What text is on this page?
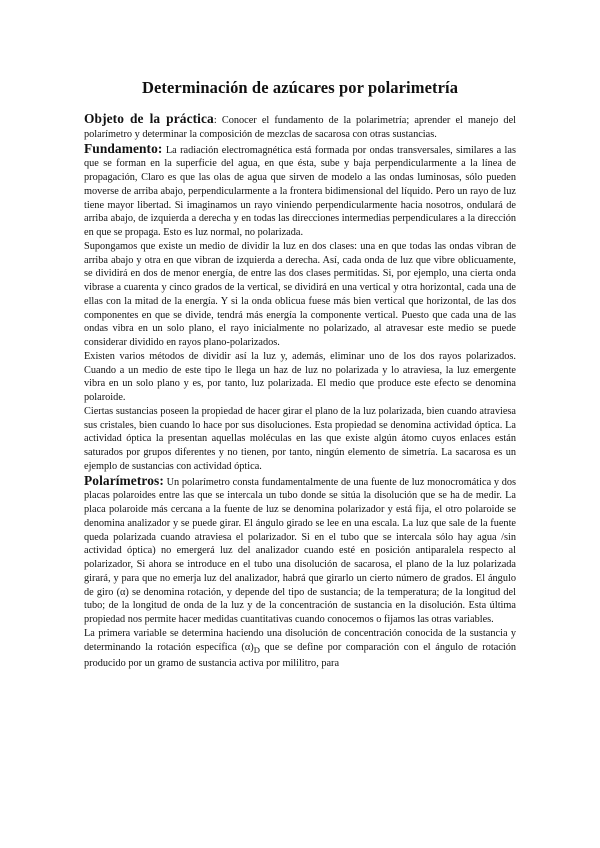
Determinación de azúcares por polarimetría

Objeto de la práctica: Conocer el fundamento de la polarimetría; aprender el manejo del polarímetro y determinar la composición de mezclas de sacarosa con otras sustancias.

Fundamento: La radiación electromagnética está formada por ondas transversales, similares a las que se forman en la superficie del agua, en que ésta, sube y baja perpendicularmente a la línea de propagación, Claro es que las olas de agua que sirven de modelo a las ondas luminosas, sólo pueden moverse de arriba abajo, perpendicularmente a la frontera bidimensional del líquido. Pero un rayo de luz tiene mayor libertad. Si imaginamos un rayo viniendo perpendicularmente hacia nosotros, ondulará de arriba abajo, de izquierda a derecha y en todas las direcciones intermedias perpendiculares a la dirección en que se propaga. Esto es luz normal, no polarizada.

Supongamos que existe un medio de dividir la luz en dos clases: una en que todas las ondas vibran de arriba abajo y otra en que vibran de izquierda a derecha. Así, cada onda de luz que vibre oblicuamente, se dividirá en dos de menor energía, de entre las dos clases permitidas. Si, por ejemplo, una cierta onda vibrase a cuarenta y cinco grados de la vertical, se dividirá en una vertical y otra horizontal, cada una de ellas con la mitad de la energía. Y si la onda oblicua fuese más bien vertical que horizontal, de las dos componentes en que se divide, tendrá más energía la componente vertical. Puesto que cada una de las ondas vibra en un solo plano, el rayo inicialmente no polarizado, al atravesar este medio se puede considerar dividido en rayos plano-polarizados.

Existen varios métodos de dividir así la luz y, además, eliminar uno de los dos rayos polarizados. Cuando a un medio de este tipo le llega un haz de luz no polarizada y lo atraviesa, la luz emergente vibra en un solo plano y es, por tanto, luz polarizada. El medio que produce este efecto se denomina polaroide.

Ciertas sustancias poseen la propiedad de hacer girar el plano de la luz polarizada, bien cuando atraviesa sus cristales, bien cuando lo hace por sus disoluciones. Esta propiedad se denomina actividad óptica. La actividad óptica la presentan aquellas moléculas en las que existe algún átomo cuyos enlaces están saturados por grupos diferentes y no tienen, por tanto, ningún elemento de simetría. La sacarosa es un ejemplo de sustancias con actividad óptica.

Polarímetros: Un polarímetro consta fundamentalmente de una fuente de luz monocromática y dos placas polaroides entre las que se intercala un tubo donde se sitúa la disolución que se ha de medir. La placa polaroide más cercana a la fuente de luz se denomina polarizador y está fija, el otro polaroide se denomina analizador y se puede girar. El ángulo girado se lee en una escala. La luz que sale de la fuente queda polarizada cuando atraviesa el polarizador. Si en el tubo que se intercala sólo hay agua /sin actividad óptica) no emergerá luz del analizador cuando esté en posición antiparalela respecto al polarizador, Si ahora se introduce en el tubo una disolución de sacarosa, el plano de la luz polarizada girará, y para que no emerja luz del analizador, habrá que girarlo un cierto número de grados. El ángulo de giro (α) se denomina rotación, y depende del tipo de sustancia; de la temperatura; de la longitud del tubo; de la longitud de onda de la luz y de la concentración de sustancia en la disolución. Esta última propiedad nos permite hacer medidas cuantitativas cuando conocemos o fijamos las otras variables.

La primera variable se determina haciendo una disolución de concentración conocida de la sustancia y determinando la rotación específica $(\alpha)_D$ que se define por comparación con el ángulo de rotación producido por un gramo de sustancia activa por mililitro, para
